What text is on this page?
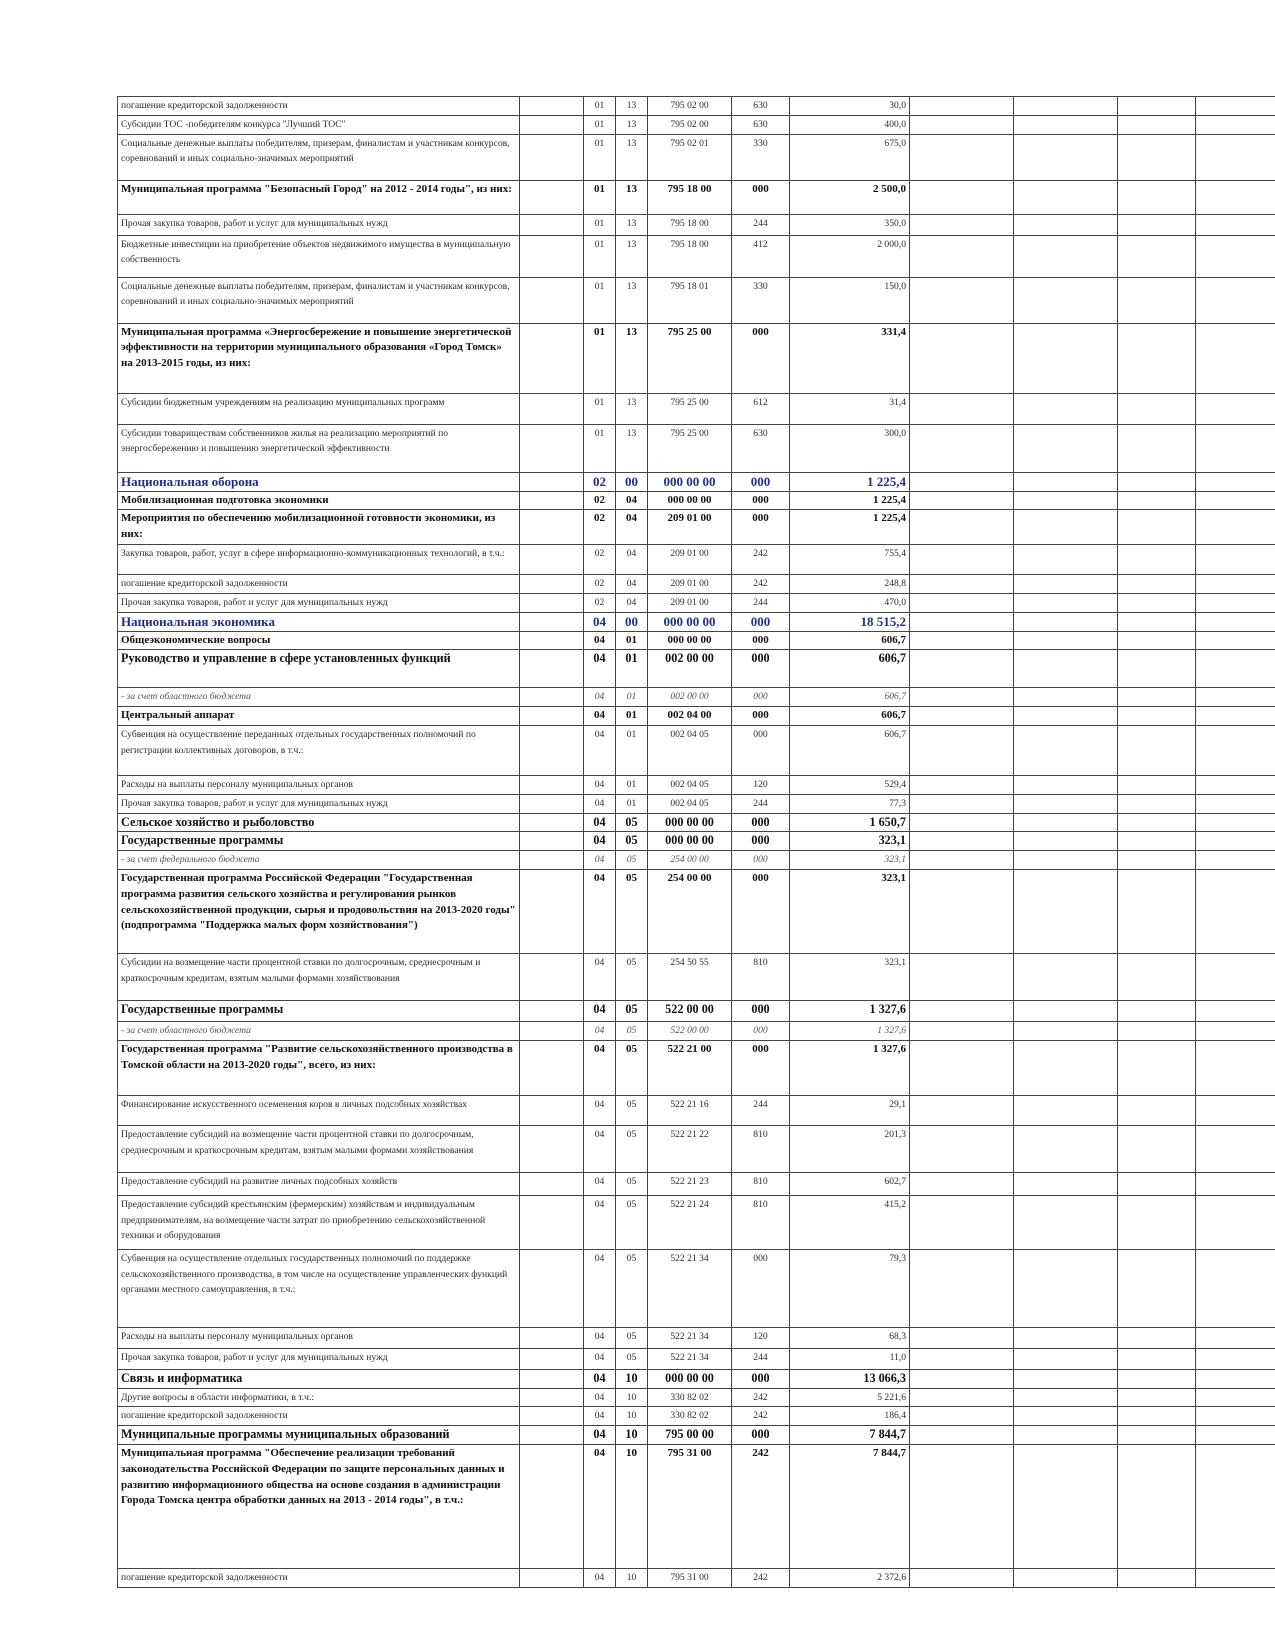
погашение кредиторской задолженности		01	13	795 02 00	630	30,0				
Субсидии ТОС -победителям конкурса "Лучший ТОС"		01	13	795 02 00	630	400,0				
Социальные денежные выплаты победителям, призерам, финалистам и участникам конкурсов, соревнований и иных социально-значимых мероприятий		01	13	795 02 01	330	675,0				
Муниципальная программа "Безопасный Город" на 2012 - 2014 годы", из них:		01	13	795 18 00	000	2 500,0				
Прочая закупка товаров, работ и услуг для муниципальных нужд		01	13	795 18 00	244	350,0				
Бюджетные инвестиции на приобретение объектов недвижимого имущества в муниципальную собственность		01	13	795 18 00	412	2 000,0				
Социальные денежные выплаты победителям, призерам, финалистам и участникам конкурсов, соревнований и иных социально-значимых мероприятий		01	13	795 18 01	330	150,0				
Муниципальная программа «Энергосбережение и повышение энергетической эффективности на территории муниципального образования «Город Томск» на 2013-2015 годы, из них:		01	13	795 25 00	000	331,4				
Субсидии бюджетным учреждениям на реализацию муниципальных программ		01	13	795 25 00	612	31,4				
Субсидии товариществам собственников жилья на реализацию мероприятий по энергосбережению и повышению энергетической эффективности		01	13	795 25 00	630	300,0				
Национальная оборона		02	00	000 00 00	000	1 225,4				
Мобилизационная подготовка экономики		02	04	000 00 00	000	1 225,4				
Мероприятия по обеспечению мобилизационной готовности экономики, из них:		02	04	209 01 00	000	1 225,4				
Закупка товаров, работ, услуг в сфере информационно-коммуникационных технологий, в т.ч.:		02	04	209 01 00	242	755,4				
погашение кредиторской задолженности		02	04	209 01 00	242	248,8				
Прочая закупка товаров, работ и услуг для муниципальных нужд		02	04	209 01 00	244	470,0				
Национальная экономика		04	00	000 00 00	000	18 515,2				
Общеэкономические вопросы		04	01	000 00 00	000	606,7				
Руководство и управление в сфере установленных функций		04	01	002 00 00	000	606,7				
- за счет областного бюджета		04	01	002 00 00	000	606,7				
Центральный аппарат		04	01	002 04 00	000	606,7				
Субвенция на осуществление переданных отдельных государственных полномочий по регистрации коллективных договоров, в т.ч.:		04	01	002 04 05	000	606,7				
Расходы на выплаты персоналу муниципальных органов		04	01	002 04 05	120	529,4				
Прочая закупка товаров, работ и услуг для муниципальных нужд		04	01	002 04 05	244	77,3				
Сельское хозяйство и рыболовство		04	05	000 00 00	000	1 650,7				
Государственные программы		04	05	000 00 00	000	323,1				
- за счет федерального бюджета		04	05	254 00 00	000	323,1				
Государственная программа Российской Федерации "Государственная программа развития сельского хозяйства и регулирования рынков сельскохозяйственной продукции, сырья и продовольствия на 2013-2020 годы" (подпрограмма "Поддержка малых форм хозяйствования")		04	05	254 00 00	000	323,1				
Субсидии на возмещение части процентной ставки по долгосрочным, среднесрочным и краткосрочным кредитам, взятым малыми формами хозяйствования		04	05	254 50 55	810	323,1				
Государственные программы		04	05	522 00 00	000	1 327,6				
- за счет областного бюджета		04	05	522 00 00	000	1 327,6				
Государственная программа "Развитие сельскохозяйственного производства в Томской области на 2013-2020 годы", всего, из них:		04	05	522 21 00	000	1 327,6				
Финансирование искусственного осеменения коров в личных подсобных хозяйствах		04	05	522 21 16	244	29,1				
Предоставление субсидий на возмещение части процентной ставки по долгосрочным, среднесрочным и краткосрочным кредитам, взятым малыми формами хозяйствования		04	05	522 21 22	810	201,3				
Предоставление субсидий на развитие личных подсобных хозяйств		04	05	522 21 23	810	602,7				
Предоставление субсидий крестьянским (фермерским) хозяйствам и индивидуальным предпринимателям, на возмещение части затрат по приобретению сельскохозяйственной техники и оборудования		04	05	522 21 24	810	415,2				
Субвенция на осуществление отдельных государственных полномочий по поддержке сельскохозяйственного производства, в том числе на осуществление управленческих функций органами местного самоуправления, в т.ч.:		04	05	522 21 34	000	79,3				
Расходы на выплаты персоналу муниципальных органов		04	05	522 21 34	120	68,3				
Прочая закупка товаров, работ и услуг для муниципальных нужд		04	05	522 21 34	244	11,0				
Связь и информатика		04	10	000 00 00	000	13 066,3				
Другие вопросы в области информатики, в т.ч.:		04	10	330 82 02	242	5 221,6				
погашение кредиторской задолженности		04	10	330 82 02	242	186,4				
Муниципальные программы муниципальных образований		04	10	795 00 00	000	7 844,7				
Муниципальная программа "Обеспечение реализации требований законодательства Российской Федерации по защите персональных данных и развитию информационного общества на основе создания в администрации Города Томска центра обработки данных на 2013 - 2014 годы", в т.ч.:		04	10	795 31 00	242	7 844,7				
погашение кредиторской задолженности		04	10	795 31 00	242	2 372,6				
